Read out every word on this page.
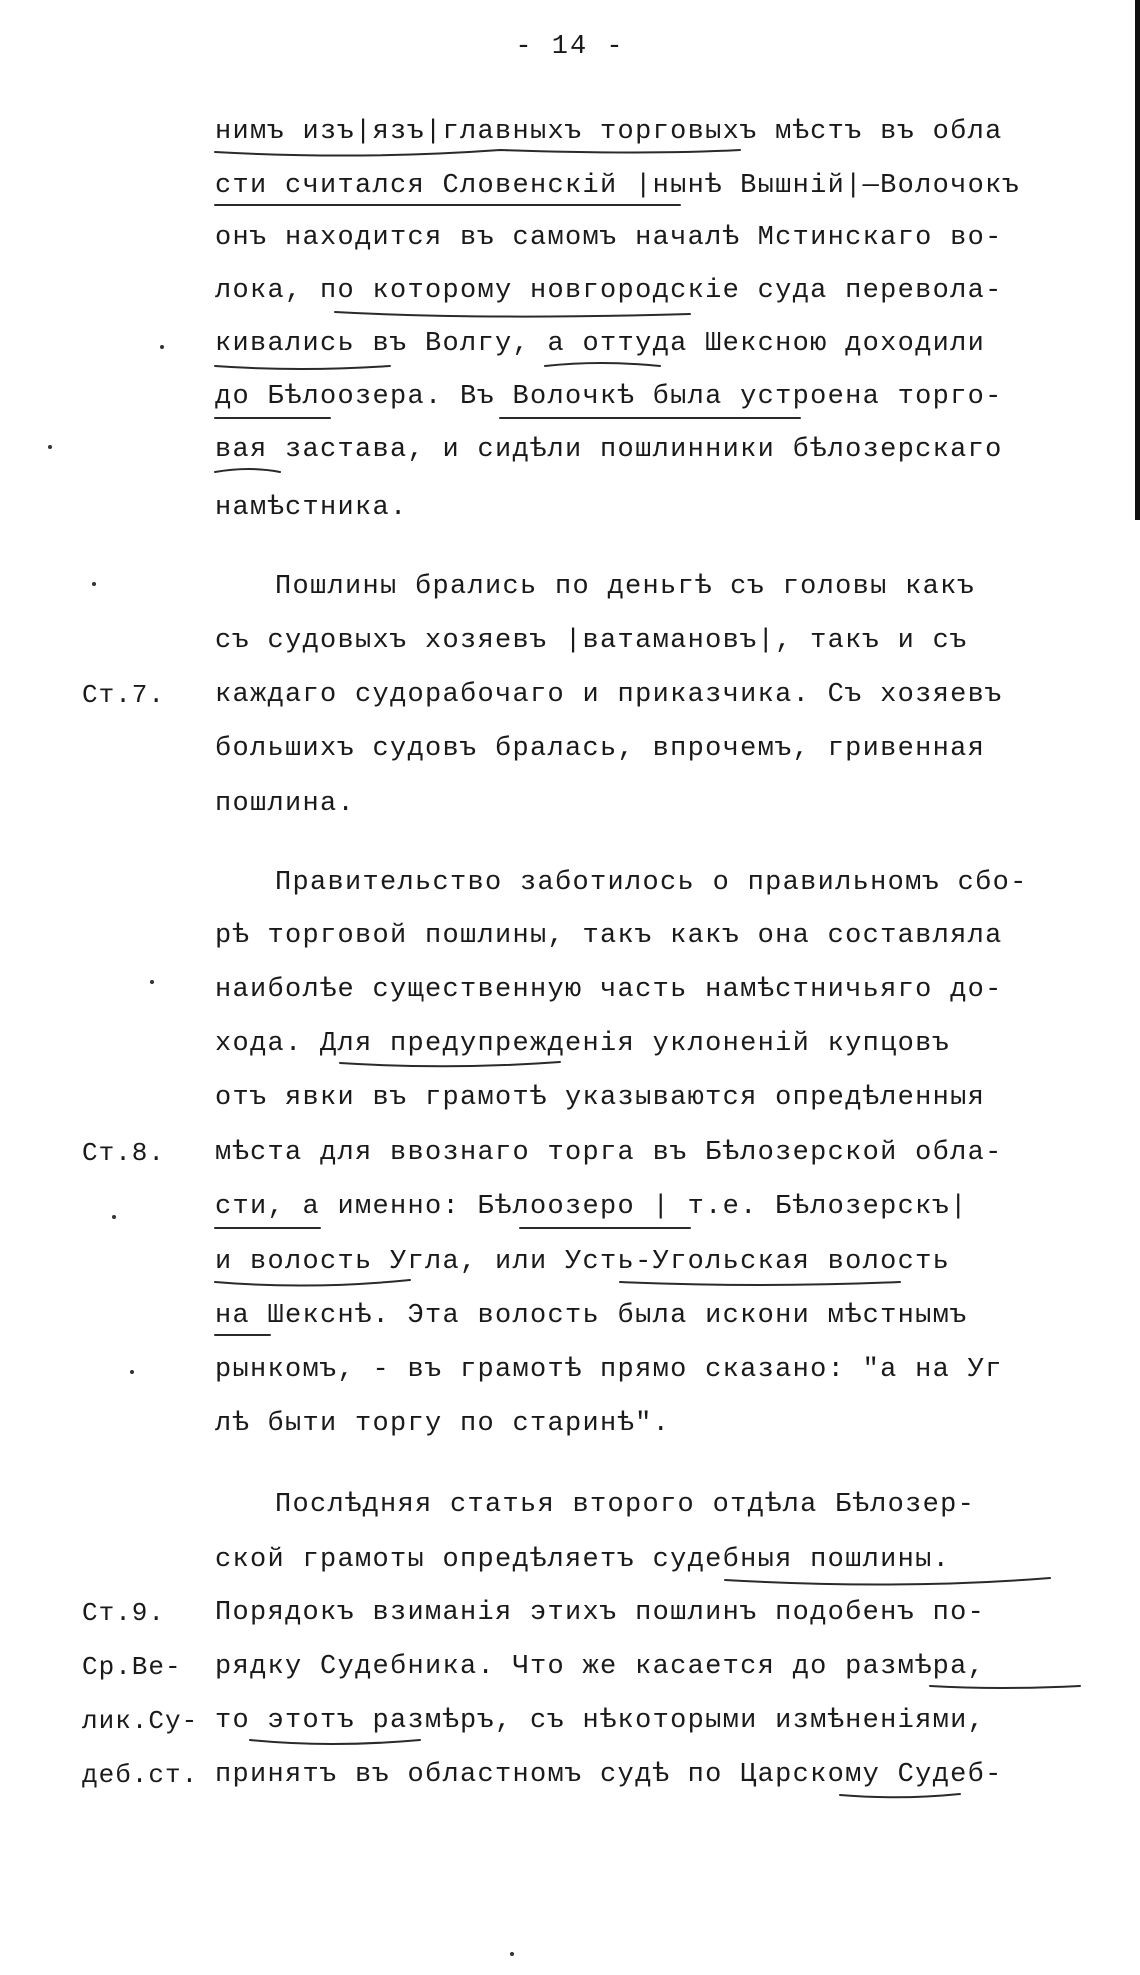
- 14 -
нимъ изъ|язъ|главныхъ торговыхъ мѣстъ въ обла
сти считался Словенскій |нынѣ Вышній|—Волочокъ
онъ находится въ самомъ началѣ Мстинскаго во-
лока, по которому новгородскіе суда переволa-
кивались въ Волгу, а оттуда Шексною доходили
до Бѣлоозера. Въ Волочкѣ была устроена торго-
вая застава, и сидѣли пошлинники бѣлозерскаго
намѣстника.
Пошлины брались по деньгѣ съ головы какъ
съ судовыхъ хозяевъ |ватамановъ|, такъ и съ
Ст.7.	каждаго судорабочаго и приказчика. Съ хозяевъ
большихъ судовъ бралась, впрочемъ, гривенная
пошлина.
Правительство заботилось о правильномъ сбо-
рѣ торговой пошлины, такъ какъ она составляла
наиболѣе существенную часть намѣстничьяго до-
хода. Для предупрежденія уклоненій купцовъ
отъ явки въ грамотѣ указываются опредѣленныя
Ст.8.	мѣста для ввознаго торга въ Бѣлозерской обла-
сти, а именно: Бѣлоозеро | т.е. Бѣлозерскъ|
и волость Угла, или Усть-Угольская волость
на Шекснѣ. Эта волость была искони мѣстнымъ
рынкомъ, - въ грамотѣ прямо сказано: "а на Уг
лѣ быти торгу по старинѣ".
Послѣдняя статья второго отдѣла Бѣлозер-
ской грамоты опредѣляетъ судебныя пошлины.
Ст.9.	Порядокъ взиманія этихъ пошлинъ подобенъ по-
Ср.Ве-	рядку Судебника. Что же касается до размѣра,
лик.Су- то этотъ размѣръ, съ нѣкоторыми измѣненіями,
деб.ст. принятъ въ областномъ судѣ по Царскому Судеб-
